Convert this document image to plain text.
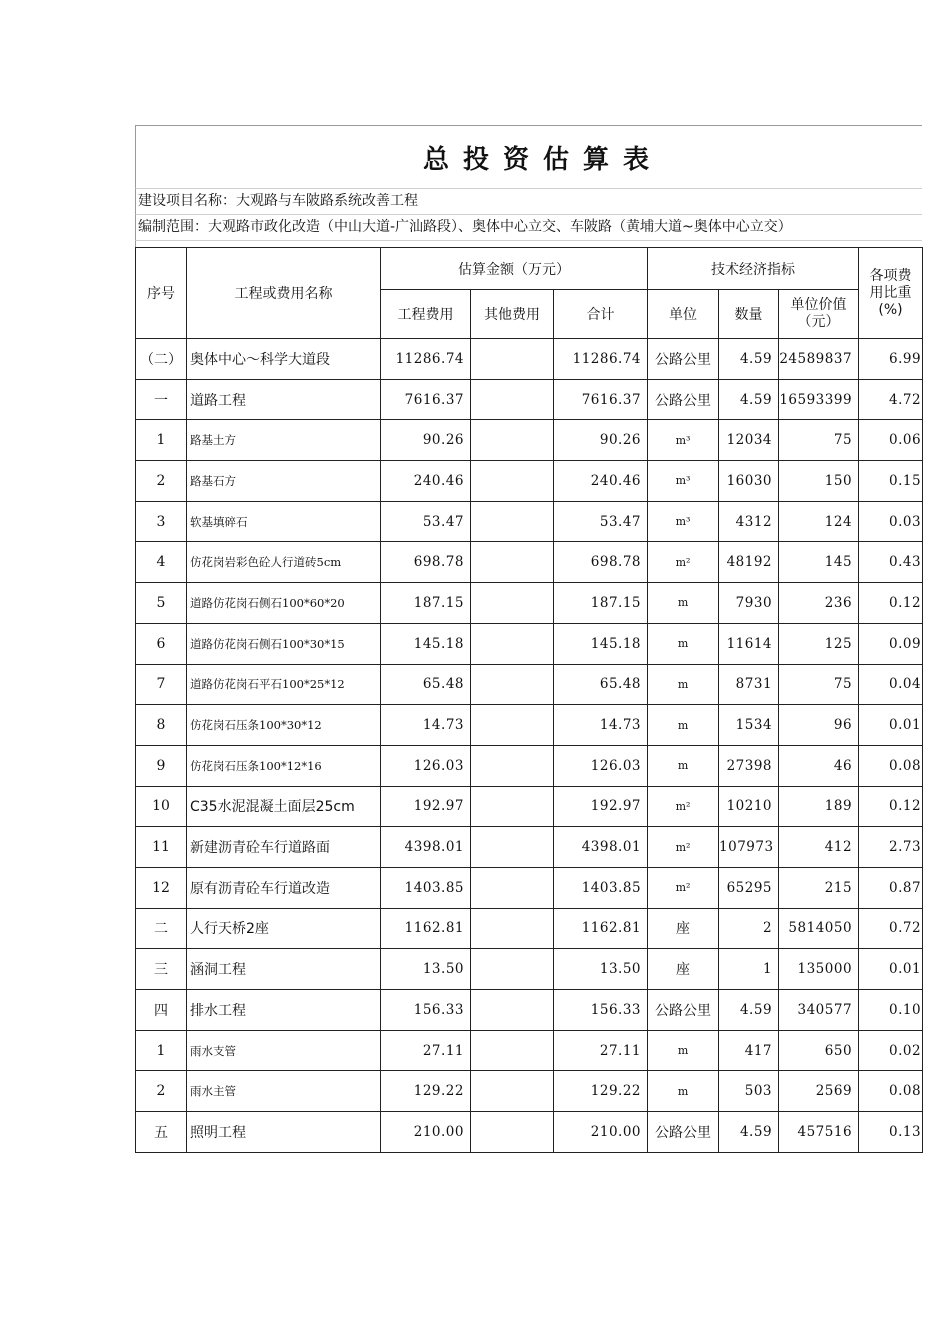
总投资估算表
建设项目名称：大观路与车陂路系统改善工程
编制范围：大观路市政化改造（中山大道-广汕路段）、奥体中心立交、车陂路（黄埔大道~奥体中心立交）
序号	工程或费用名称	估算金额（万元）			技术经济指标			各项费
用比重
(%)

		工程费用	其他费用	合计	单位	数量	单位价值
（元）	

（二）	奥体中心～科学大道段	11286.74		11286.74	公路公里	4.59	24589837	6.99
一	道路工程	7616.37		7616.37	公路公里	4.59	16593399	4.72
1	路基土方	90.26		90.26	m³	12034	75	0.06
2	路基石方	240.46		240.46	m³	16030	150	0.15
3	软基填碎石	53.47		53.47	m³	4312	124	0.03
4	仿花岗岩彩色砼人行道砖5cm	698.78		698.78	m²	48192	145	0.43
5	道路仿花岗石侧石100*60*20	187.15		187.15	m	7930	236	0.12
6	道路仿花岗石侧石100*30*15	145.18		145.18	m	11614	125	0.09
7	道路仿花岗石平石100*25*12	65.48		65.48	m	8731	75	0.04
8	仿花岗石压条100*30*12	14.73		14.73	m	1534	96	0.01
9	仿花岗石压条100*12*16	126.03		126.03	m	27398	46	0.08
10	C35水泥混凝土面层25cm	192.97		192.97	m²	10210	189	0.12
11	新建沥青砼车行道路面	4398.01		4398.01	m²	107973	412	2.73
12	原有沥青砼车行道改造	1403.85		1403.85	m²	65295	215	0.87
二	人行天桥2座	1162.81		1162.81	座	2	5814050	0.72
三	涵洞工程	13.50		13.50	座	1	135000	0.01
四	排水工程	156.33		156.33	公路公里	4.59	340577	0.10
1	雨水支管	27.11		27.11	m	417	650	0.02
2	雨水主管	129.22		129.22	m	503	2569	0.08
五	照明工程	210.00		210.00	公路公里	4.59	457516	0.13
